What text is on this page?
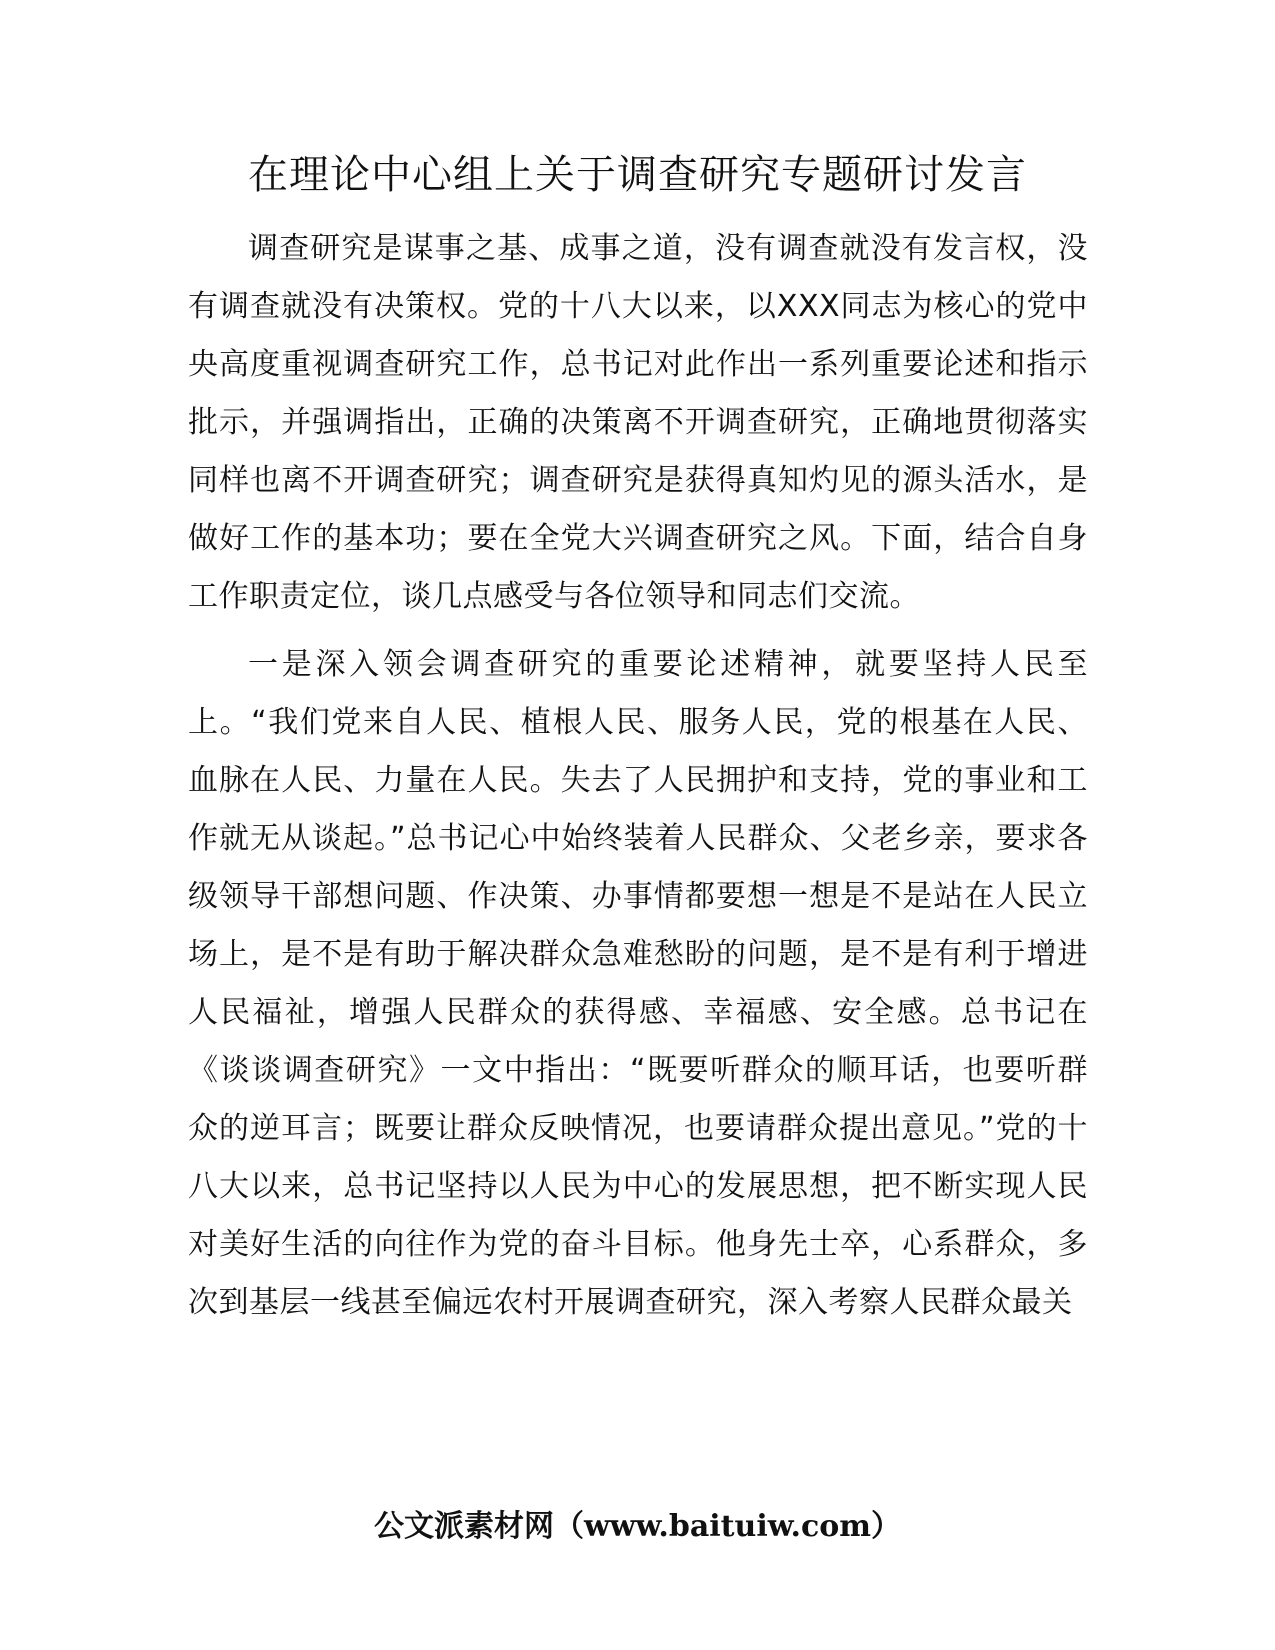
在理论中心组上关于调查研究专题研讨发言

调查研究是谋事之基、成事之道，没有调查就没有发言权，没有调查就没有决策权。党的十八大以来，以XXX同志为核心的党中央高度重视调查研究工作，总书记对此作出一系列重要论述和指示批示，并强调指出，正确的决策离不开调查研究，正确地贯彻落实同样也离不开调查研究；调查研究是获得真知灼见的源头活水，是做好工作的基本功；要在全党大兴调查研究之风。下面，结合自身工作职责定位，谈几点感受与各位领导和同志们交流。

一是深入领会调查研究的重要论述精神，就要坚持人民至上。“我们党来自人民、植根人民、服务人民，党的根基在人民、血脉在人民、力量在人民。失去了人民拥护和支持，党的事业和工作就无从谈起。”总书记心中始终装着人民群众、父老乡亲，要求各级领导干部想问题、作决策、办事情都要想一想是不是站在人民立场上，是不是有助于解决群众急难愁盼的问题，是不是有利于增进人民福祉，增强人民群众的获得感、幸福感、安全感。总书记在《谈谈调查研究》一文中指出：“既要听群众的顺耳话，也要听群众的逆耳言；既要让群众反映情况，也要请群众提出意见。”党的十八大以来，总书记坚持以人民为中心的发展思想，把不断实现人民对美好生活的向往作为党的奋斗目标。他身先士卒，心系群众，多次到基层一线甚至偏远农村开展调查研究，深入考察人民群众最关

公文派素材网（www.baituiw.com）
